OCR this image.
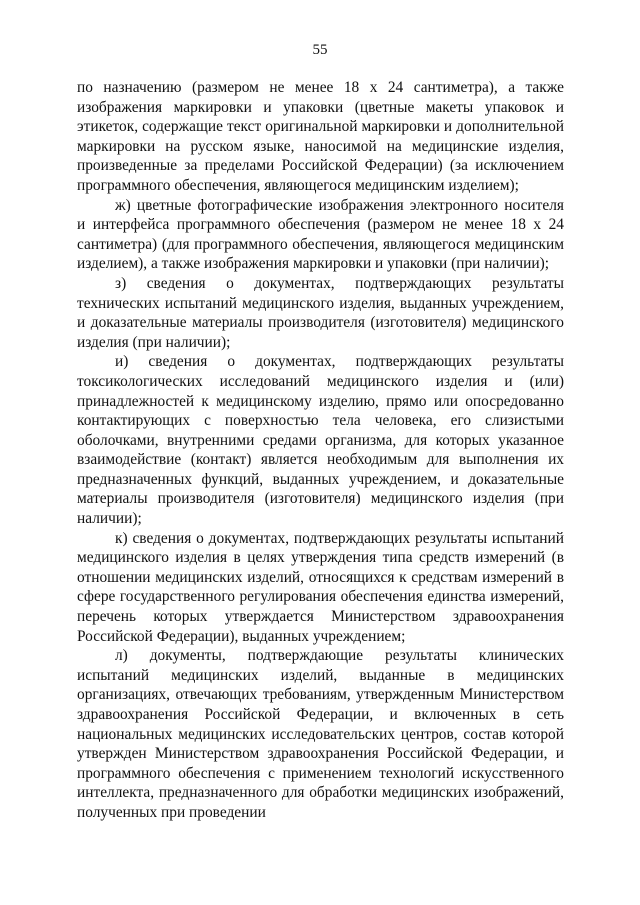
55

по назначению (размером не менее 18 х 24 сантиметра), а также изображения маркировки и упаковки (цветные макеты упаковок и этикеток, содержащие текст оригинальной маркировки и дополнительной маркировки на русском языке, наносимой на медицинские изделия, произведенные за пределами Российской Федерации) (за исключением программного обеспечения, являющегося медицинским изделием);

ж) цветные фотографические изображения электронного носителя и интерфейса программного обеспечения (размером не менее 18 х 24 сантиметра) (для программного обеспечения, являющегося медицинским изделием), а также изображения маркировки и упаковки (при наличии);

з) сведения о документах, подтверждающих результаты технических испытаний медицинского изделия, выданных учреждением, и доказательные материалы производителя (изготовителя) медицинского изделия (при наличии);

и) сведения о документах, подтверждающих результаты токсикологических исследований медицинского изделия и (или) принадлежностей к медицинскому изделию, прямо или опосредованно контактирующих с поверхностью тела человека, его слизистыми оболочками, внутренними средами организма, для которых указанное взаимодействие (контакт) является необходимым для выполнения их предназначенных функций, выданных учреждением, и доказательные материалы производителя (изготовителя) медицинского изделия (при наличии);

к) сведения о документах, подтверждающих результаты испытаний медицинского изделия в целях утверждения типа средств измерений (в отношении медицинских изделий, относящихся к средствам измерений в сфере государственного регулирования обеспечения единства измерений, перечень которых утверждается Министерством здравоохранения Российской Федерации), выданных учреждением;

л) документы, подтверждающие результаты клинических испытаний медицинских изделий, выданные в медицинских организациях, отвечающих требованиям, утвержденным Министерством здравоохранения Российской Федерации, и включенных в сеть национальных медицинских исследовательских центров, состав которой утвержден Министерством здравоохранения Российской Федерации, и программного обеспечения с применением технологий искусственного интеллекта, предназначенного для обработки медицинских изображений, полученных при проведении
